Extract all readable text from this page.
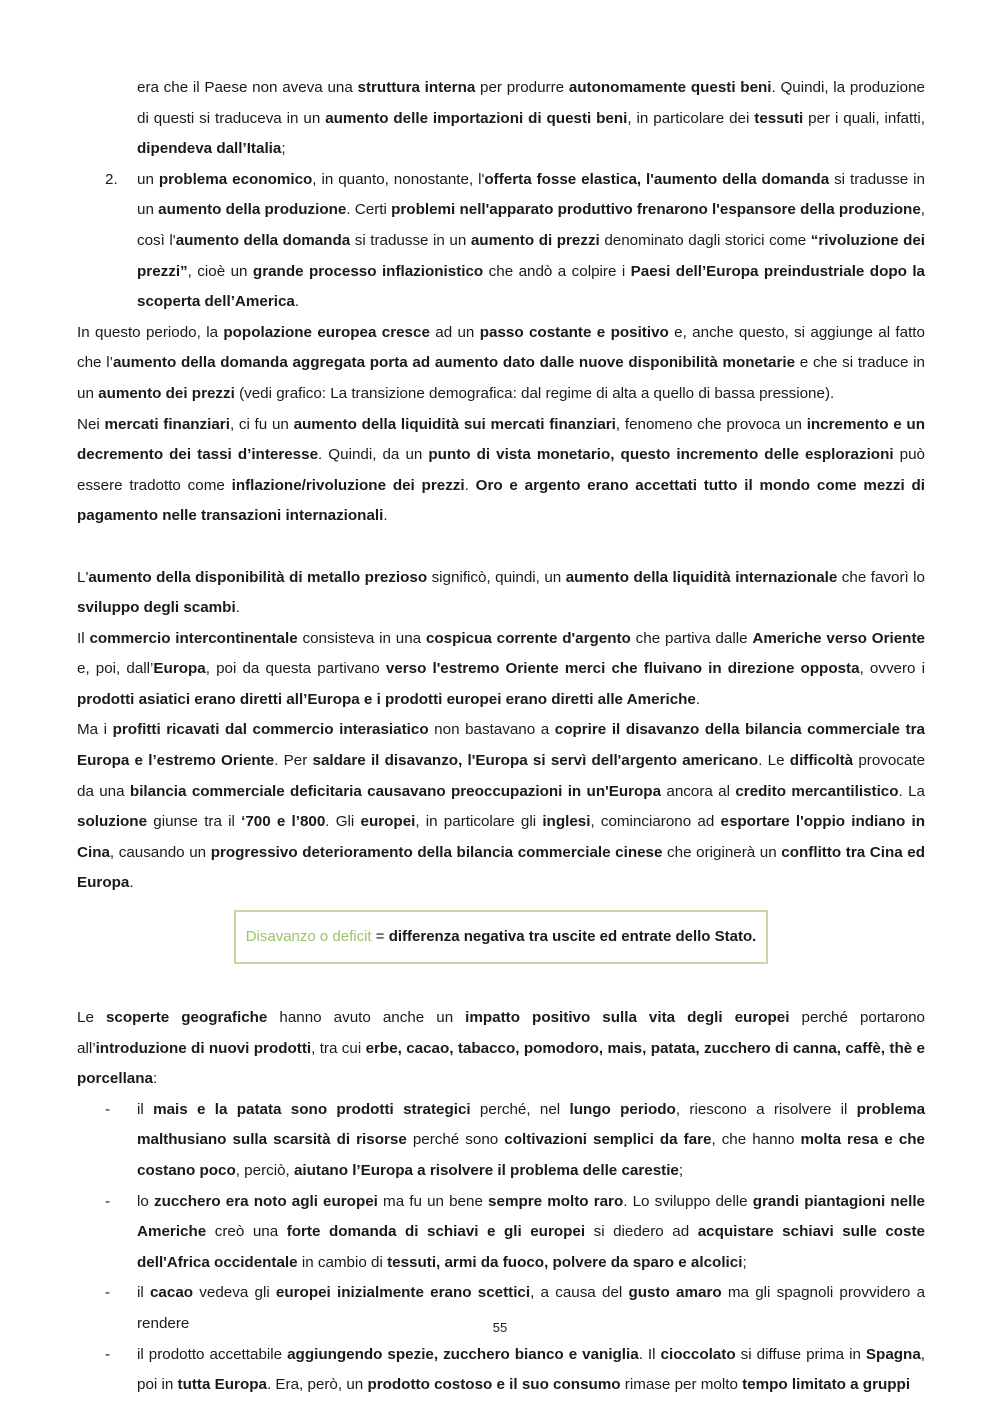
era che il Paese non aveva una struttura interna per produrre autonomamente questi beni. Quindi, la produzione di questi si traduceva in un aumento delle importazioni di questi beni, in particolare dei tessuti per i quali, infatti, dipendeva dall’Italia;

2. un problema economico, in quanto, nonostante, l'offerta fosse elastica, l'aumento della domanda si tradusse in un aumento della produzione. Certi problemi nell'apparato produttivo frenarono l'espansore della produzione, così l'aumento della domanda si tradusse in un aumento di prezzi denominato dagli storici come “rivoluzione dei prezzi”, cioè un grande processo inflazionistico che andò a colpire i Paesi dell’Europa preindustriale dopo la scoperta dell’America.

In questo periodo, la popolazione europea cresce ad un passo costante e positivo e, anche questo, si aggiunge al fatto che l’aumento della domanda aggregata porta ad aumento dato dalle nuove disponibilità monetarie e che si traduce in un aumento dei prezzi (vedi grafico: La transizione demografica: dal regime di alta a quello di bassa pressione).

Nei mercati finanziari, ci fu un aumento della liquidità sui mercati finanziari, fenomeno che provoca un incremento e un decremento dei tassi d’interesse. Quindi, da un punto di vista monetario, questo incremento delle esplorazioni può essere tradotto come inflazione/rivoluzione dei prezzi. Oro e argento erano accettati tutto il mondo come mezzi di pagamento nelle transazioni internazionali.

L'aumento della disponibilità di metallo prezioso significò, quindi, un aumento della liquidità internazionale che favorì lo sviluppo degli scambi.

Il commercio intercontinentale consisteva in una cospicua corrente d'argento che partiva dalle Americhe verso Oriente e, poi, dall’Europa, poi da questa partivano verso l'estremo Oriente merci che fluivano in direzione opposta, ovvero i prodotti asiatici erano diretti all’Europa e i prodotti europei erano diretti alle Americhe.

Ma i profitti ricavati dal commercio interasiatico non bastavano a coprire il disavanzo della bilancia commerciale tra Europa e l’estremo Oriente. Per saldare il disavanzo, l'Europa si servì dell'argento americano. Le difficoltà provocate da una bilancia commerciale deficitaria causavano preoccupazioni in un'Europa ancora al credito mercantilistico. La soluzione giunse tra il ‘700 e l’800. Gli europei, in particolare gli inglesi, cominciarono ad esportare l'oppio indiano in Cina, causando un progressivo deterioramento della bilancia commerciale cinese che originerà un conflitto tra Cina ed Europa.

Disavanzo o deficit = differenza negativa tra uscite ed entrate dello Stato.

Le scoperte geografiche hanno avuto anche un impatto positivo sulla vita degli europei perché portarono all’introduzione di nuovi prodotti, tra cui erbe, cacao, tabacco, pomodoro, mais, patata, zucchero di canna, caffè, thè e porcellana:

- il mais e la patata sono prodotti strategici perché, nel lungo periodo, riescono a risolvere il problema malthusiano sulla scarsità di risorse perché sono coltivazioni semplici da fare, che hanno molta resa e che costano poco, perciò, aiutano l’Europa a risolvere il problema delle carestie;

- lo zucchero era noto agli europei ma fu un bene sempre molto raro. Lo sviluppo delle grandi piantagioni nelle Americhe creò una forte domanda di schiavi e gli europei si diedero ad acquistare schiavi sulle coste dell'Africa occidentale in cambio di tessuti, armi da fuoco, polvere da sparo e alcolici;

- il cacao vedeva gli europei inizialmente erano scettici, a causa del gusto amaro ma gli spagnoli provvidero a rendere

- il prodotto accettabile aggiungendo spezie, zucchero bianco e vaniglia. Il cioccolato si diffuse prima in Spagna, poi in tutta Europa. Era, però, un prodotto costoso e il suo consumo rimase per molto tempo limitato a gruppi

55
